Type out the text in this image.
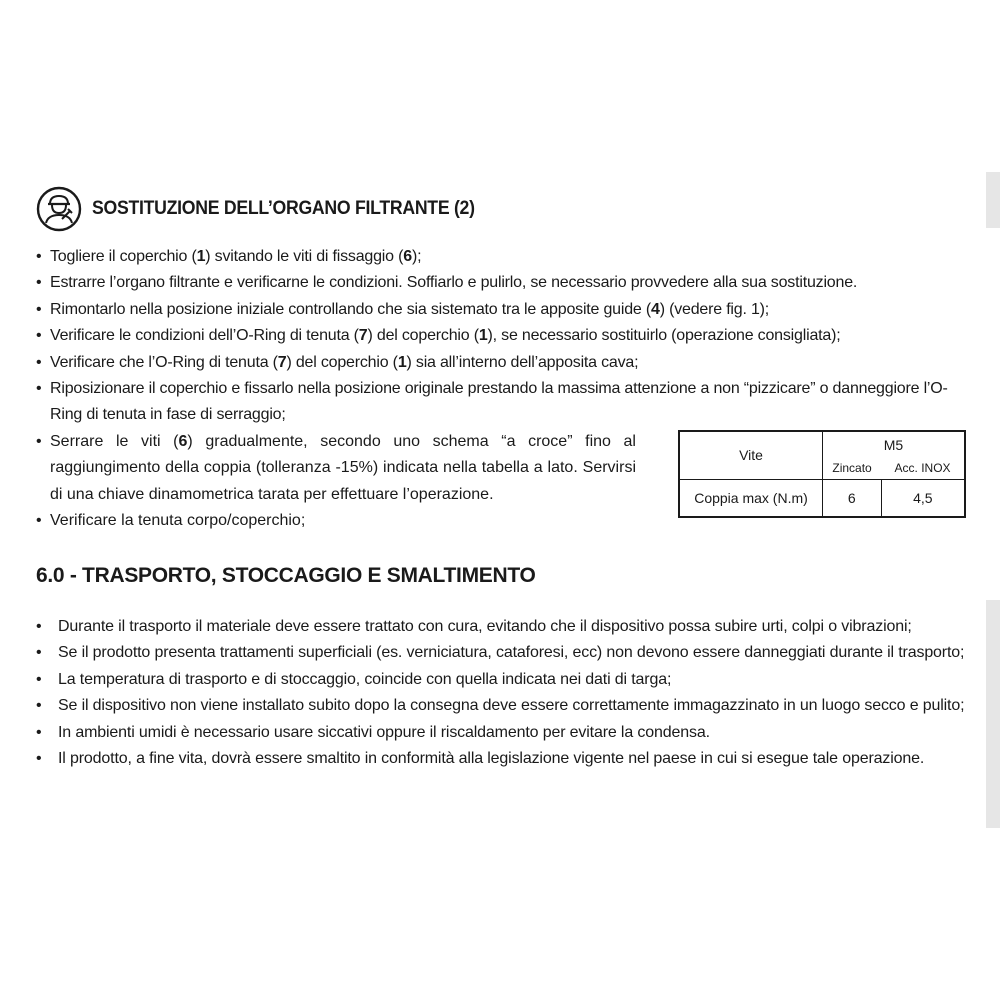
SOSTITUZIONE DELL’ORGANO FILTRANTE (2)
• Togliere il coperchio (1) svitando le viti di fissaggio (6);
• Estrarre l’organo filtrante e verificarne le condizioni. Soffiarlo e pulirlo, se necessario provvedere alla sua sostituzione.
• Rimontarlo nella posizione iniziale controllando che sia sistemato tra le apposite guide (4) (vedere fig. 1);
• Verificare le condizioni dell’O-Ring di tenuta (7) del coperchio (1), se necessario sostituirlo (operazione consigliata);
• Verificare che l’O-Ring di tenuta (7) del coperchio (1) sia all’interno dell’apposita cava;
• Riposizionare il coperchio e fissarlo nella posizione originale prestando la massima attenzione a non “pizzicare” o danneggiore l’O-Ring di tenuta in fase di serraggio;
• Serrare le viti (6) gradualmente, secondo uno schema “a croce” fino al raggiungimento della coppia (tolleranza -15%) indicata nella tabella a lato. Servirsi di una chiave dinamometrica tarata per effettuare l’operazione.
• Verificare la tenuta corpo/coperchio;
Vite	M5	
	Zincato	Acc. INOX
Coppia max (N.m)	6	4,5
6.0 - TRASPORTO, STOCCAGGIO E SMALTIMENTO
• Durante il trasporto il materiale deve essere trattato con cura, evitando che il dispositivo possa subire urti, colpi o vibrazioni;
• Se il prodotto presenta trattamenti superficiali (es. verniciatura, cataforesi, ecc) non devono essere danneggiati durante il trasporto;
• La temperatura di trasporto e di stoccaggio, coincide con quella indicata nei dati di targa;
• Se il dispositivo non viene installato subito dopo la consegna deve essere correttamente immagazzinato in un luogo secco e pulito;
• In ambienti umidi è necessario usare siccativi oppure il riscaldamento per evitare la condensa.
• Il prodotto, a fine vita, dovrà essere smaltito in conformità alla legislazione vigente nel paese in cui si esegue tale operazione.
